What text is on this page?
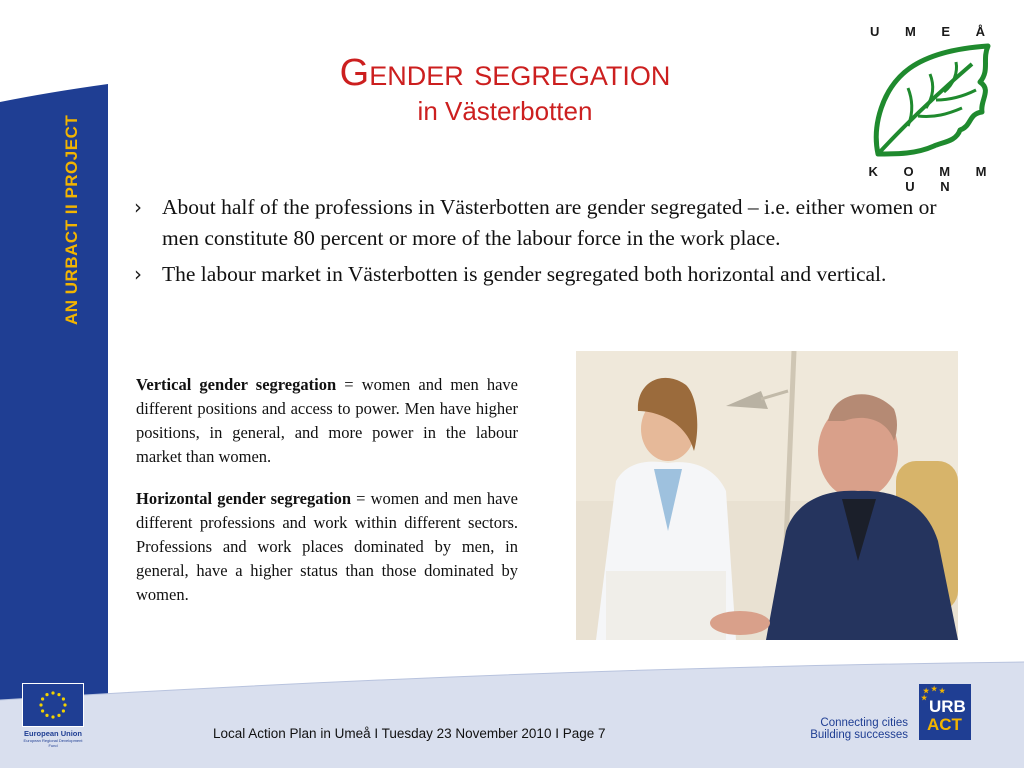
AN URBACT II PROJECT
Gender segregation
in Västerbotten
U M E Å
K O M M U N
› About half of the professions in Västerbotten are gender segregated – i.e. either women or men constitute 80 percent or more of the labour force in the work place.
› The labour market in Västerbotten is gender segregated both horizontal and vertical.

Vertical gender segregation = women and men have different positions and access to power. Men have higher positions, in general, and more power in the labour market than women.

Horizontal gender segregation = women and men have different professions and work within different sectors. Professions and work places dominated by men, in general, have a higher status than those dominated by women.

European Union
European Regional Development Fund
Local Action Plan in Umeå I Tuesday 23 November 2010 I Page 7
Connecting cities
Building successes
★ ★ ★
★ URB
ACT
